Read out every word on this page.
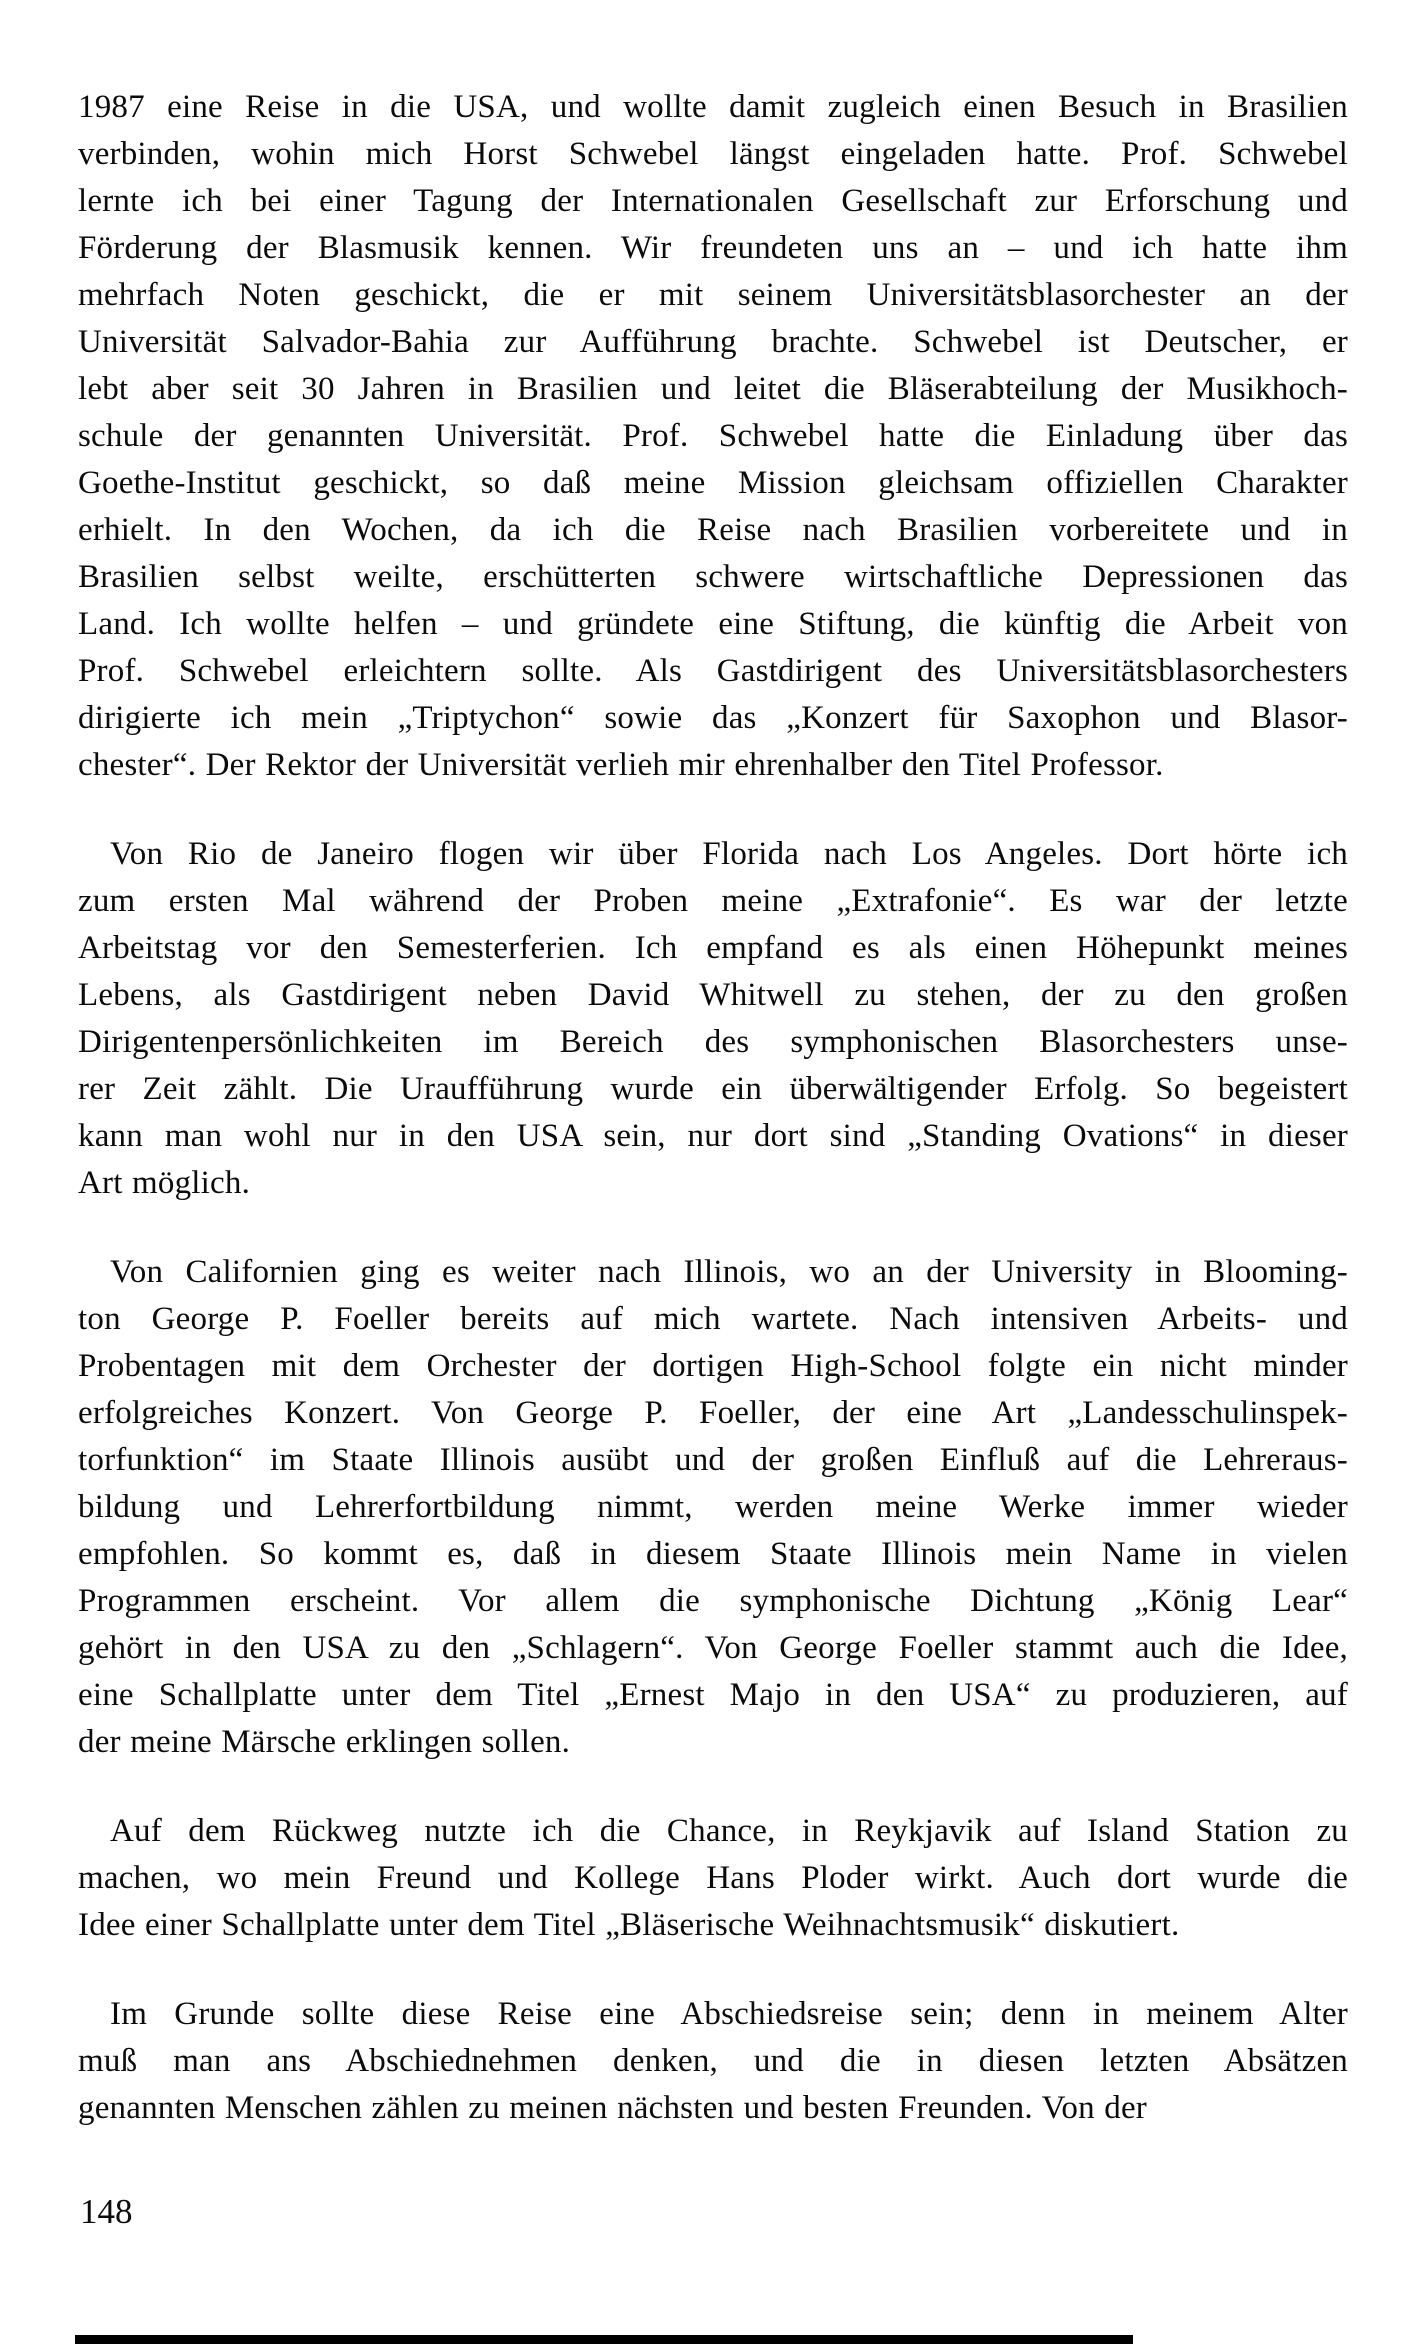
1987 eine Reise in die USA, und wollte damit zugleich einen Besuch in Brasilien
verbinden, wohin mich Horst Schwebel längst eingeladen hatte. Prof. Schwebel
lernte ich bei einer Tagung der Internationalen Gesellschaft zur Erforschung und
Förderung der Blasmusik kennen. Wir freundeten uns an – und ich hatte ihm
mehrfach Noten geschickt, die er mit seinem Universitätsblasorchester an der
Universität Salvador-Bahia zur Aufführung brachte. Schwebel ist Deutscher, er
lebt aber seit 30 Jahren in Brasilien und leitet die Bläserabteilung der Musikhoch-
schule der genannten Universität. Prof. Schwebel hatte die Einladung über das
Goethe-Institut geschickt, so daß meine Mission gleichsam offiziellen Charakter
erhielt. In den Wochen, da ich die Reise nach Brasilien vorbereitete und in
Brasilien selbst weilte, erschütterten schwere wirtschaftliche Depressionen das
Land. Ich wollte helfen – und gründete eine Stiftung, die künftig die Arbeit von
Prof. Schwebel erleichtern sollte. Als Gastdirigent des Universitätsblasorchesters
dirigierte ich mein „Triptychon“ sowie das „Konzert für Saxophon und Blasor-
chester“. Der Rektor der Universität verlieh mir ehrenhalber den Titel Professor.
Von Rio de Janeiro flogen wir über Florida nach Los Angeles. Dort hörte ich
zum ersten Mal während der Proben meine „Extrafonie“. Es war der letzte
Arbeitstag vor den Semesterferien. Ich empfand es als einen Höhepunkt meines
Lebens, als Gastdirigent neben David Whitwell zu stehen, der zu den großen
Dirigentenpersönlichkeiten im Bereich des symphonischen Blasorchesters unse-
rer Zeit zählt. Die Uraufführung wurde ein überwältigender Erfolg. So begeistert
kann man wohl nur in den USA sein, nur dort sind „Standing Ovations“ in dieser
Art möglich.
Von Californien ging es weiter nach Illinois, wo an der University in Blooming-
ton George P. Foeller bereits auf mich wartete. Nach intensiven Arbeits- und
Probentagen mit dem Orchester der dortigen High-School folgte ein nicht minder
erfolgreiches Konzert. Von George P. Foeller, der eine Art „Landesschulinspek-
torfunktion“ im Staate Illinois ausübt und der großen Einfluß auf die Lehreraus-
bildung und Lehrerfortbildung nimmt, werden meine Werke immer wieder
empfohlen. So kommt es, daß in diesem Staate Illinois mein Name in vielen
Programmen erscheint. Vor allem die symphonische Dichtung „König Lear“
gehört in den USA zu den „Schlagern“. Von George Foeller stammt auch die Idee,
eine Schallplatte unter dem Titel „Ernest Majo in den USA“ zu produzieren, auf
der meine Märsche erklingen sollen.
Auf dem Rückweg nutzte ich die Chance, in Reykjavik auf Island Station zu
machen, wo mein Freund und Kollege Hans Ploder wirkt. Auch dort wurde die
Idee einer Schallplatte unter dem Titel „Bläserische Weihnachtsmusik“ diskutiert.
Im Grunde sollte diese Reise eine Abschiedsreise sein; denn in meinem Alter
muß man ans Abschiednehmen denken, und die in diesen letzten Absätzen
genannten Menschen zählen zu meinen nächsten und besten Freunden. Von der
148
